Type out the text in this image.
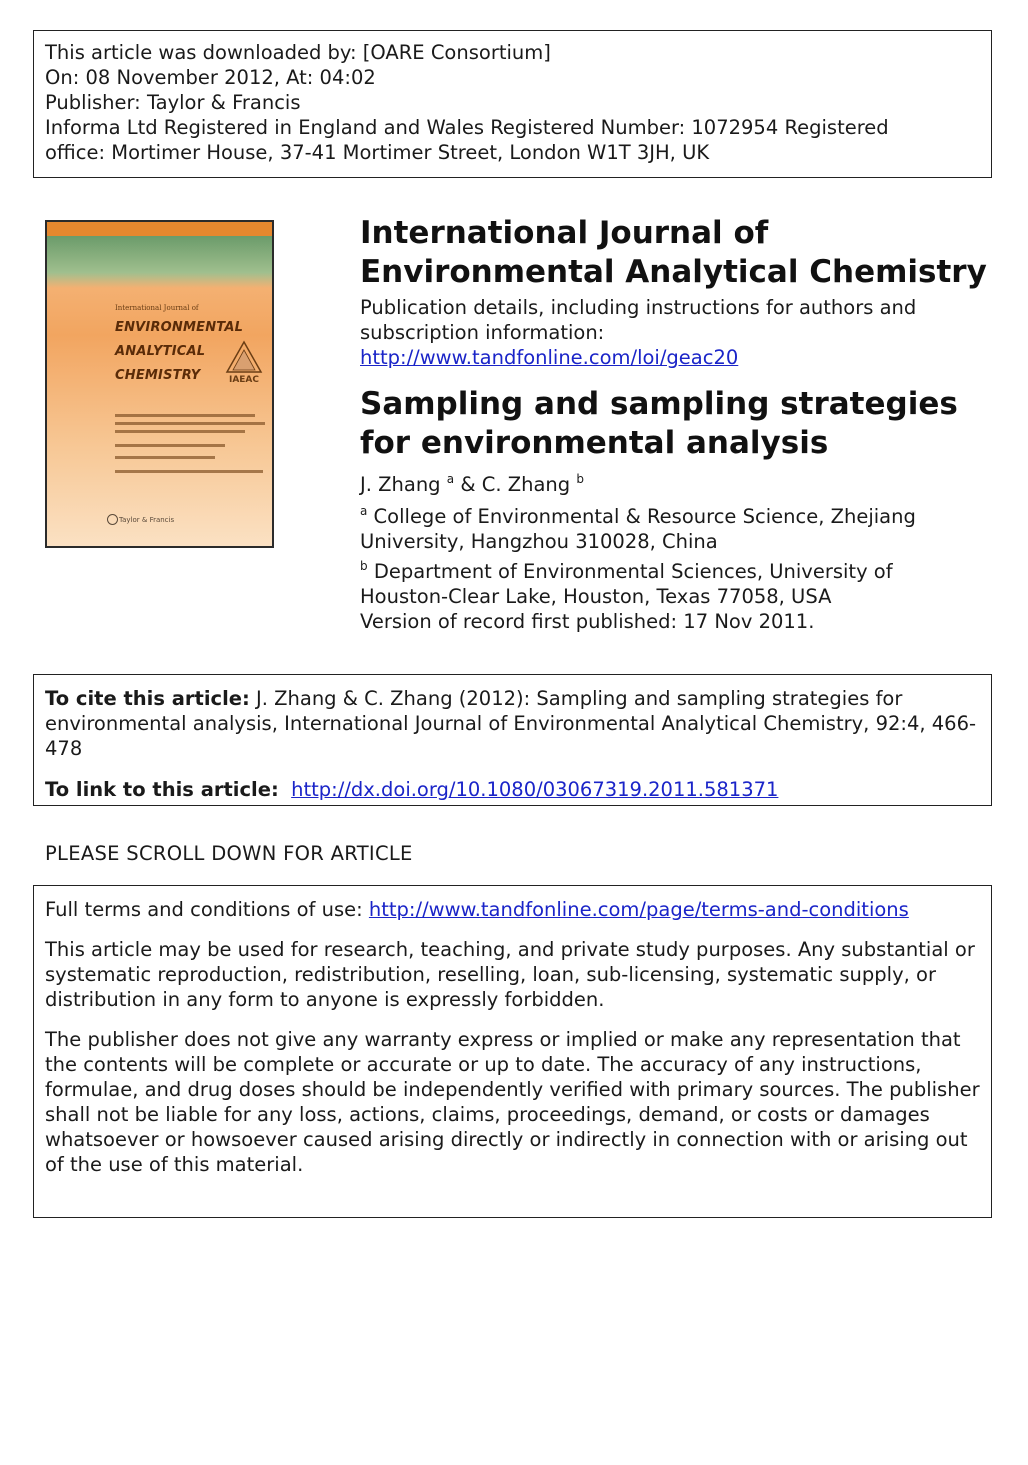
This article was downloaded by: [OARE Consortium]
On: 08 November 2012, At: 04:02
Publisher: Taylor & Francis
Informa Ltd Registered in England and Wales Registered Number: 1072954 Registered
office: Mortimer House, 37-41 Mortimer Street, London W1T 3JH, UK
International Journal of
ENVIRONMENTAL
ANALYTICAL
CHEMISTRY	IAEAC
Taylor & Francis
International Journal of Environmental Analytical Chemistry
Publication details, including instructions for authors and subscription information:
http://www.tandfonline.com/loi/geac20
Sampling and sampling strategies for environmental analysis
J. Zhang $^a$ & C. Zhang $^b$
$^a$ College of Environmental & Resource Science, Zhejiang University, Hangzhou 310028, China
$^b$ Department of Environmental Sciences, University of Houston-Clear Lake, Houston, Texas 77058, USA
Version of record first published: 17 Nov 2011.
To cite this article: J. Zhang & C. Zhang (2012): Sampling and sampling strategies for environmental analysis, International Journal of Environmental Analytical Chemistry, 92:4, 466-478
To link to this article: http://dx.doi.org/10.1080/03067319.2011.581371
PLEASE SCROLL DOWN FOR ARTICLE

Full terms and conditions of use: http://www.tandfonline.com/page/terms-and-conditions

This article may be used for research, teaching, and private study purposes. Any substantial or systematic reproduction, redistribution, reselling, loan, sub-licensing, systematic supply, or distribution in any form to anyone is expressly forbidden.

The publisher does not give any warranty express or implied or make any representation that the contents will be complete or accurate or up to date. The accuracy of any instructions, formulae, and drug doses should be independently verified with primary sources. The publisher shall not be liable for any loss, actions, claims, proceedings, demand, or costs or damages whatsoever or howsoever caused arising directly or indirectly in connection with or arising out of the use of this material.
